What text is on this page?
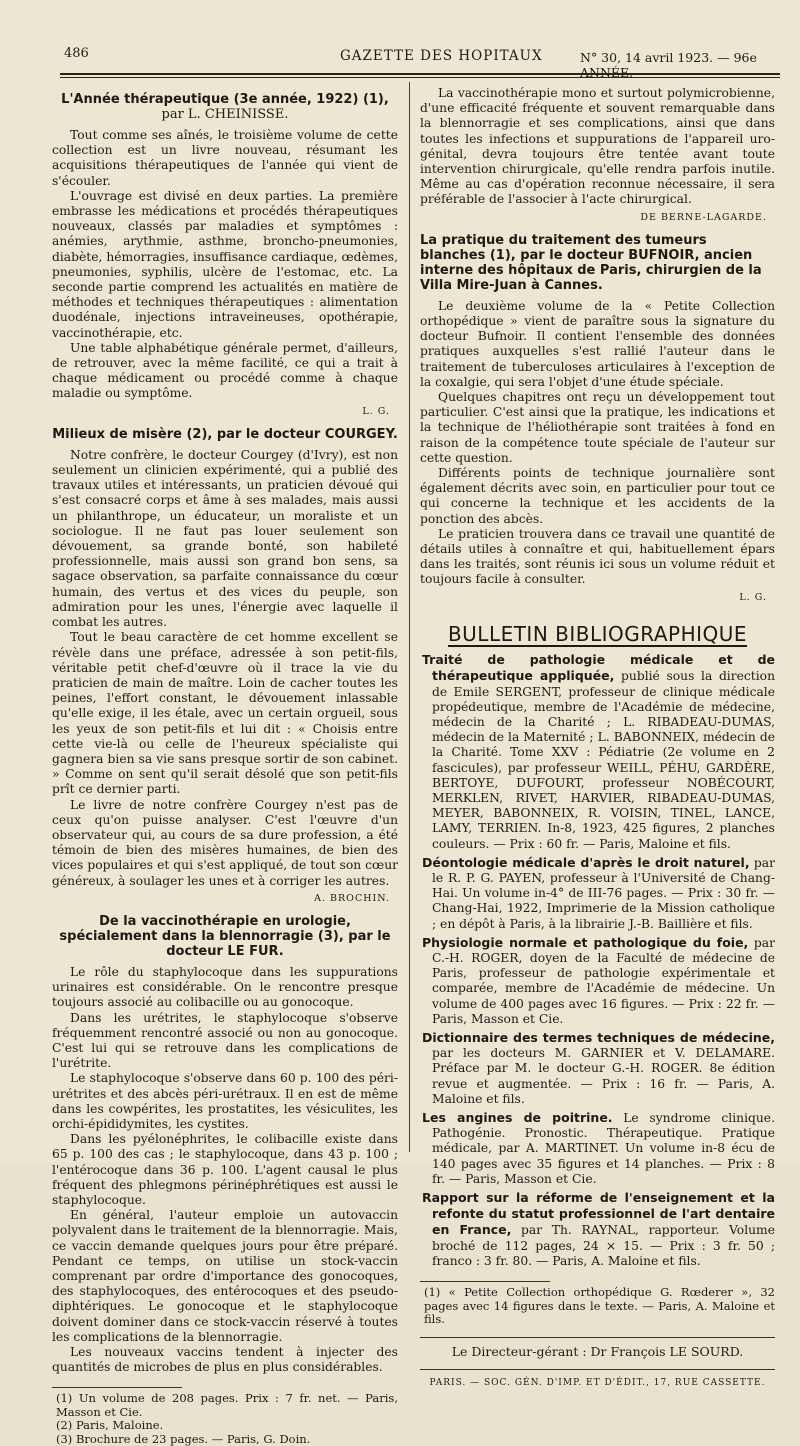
486	GAZETTE DES HOPITAUX	N° 30, 14 avril 1923. — 96e ANNÉE.
L'Année thérapeutique (3e année, 1922) (1),
par L. CHEINISSE.

Tout comme ses aînés, le troisième volume de cette collection est un livre nouveau, résumant les acquisitions thérapeutiques de l'année qui vient de s'écouler.

L'ouvrage est divisé en deux parties. La première embrasse les médications et procédés thérapeutiques nouveaux, classés par maladies et symptômes : anémies, arythmie, asthme, broncho-pneumonies, diabète, hémorragies, insuffisance cardiaque, œdèmes, pneumonies, syphilis, ulcère de l'estomac, etc. La seconde partie comprend les actualités en matière de méthodes et techniques thérapeutiques : alimentation duodénale, injections intraveineuses, opothérapie, vaccinothérapie, etc.

Une table alphabétique générale permet, d'ailleurs, de retrouver, avec la même facilité, ce qui a trait à chaque médicament ou procédé comme à chaque maladie ou symptôme.

L. G.
Milieux de misère (2), par le docteur COURGEY.

Notre confrère, le docteur Courgey (d'Ivry), est non seulement un clinicien expérimenté, qui a publié des travaux utiles et intéressants, un praticien dévoué qui s'est consacré corps et âme à ses malades, mais aussi un philanthrope, un éducateur, un moraliste et un sociologue. Il ne faut pas louer seulement son dévouement, sa grande bonté, son habileté professionnelle, mais aussi son grand bon sens, sa sagace observation, sa parfaite connaissance du cœur humain, des vertus et des vices du peuple, son admiration pour les unes, l'énergie avec laquelle il combat les autres.

Tout le beau caractère de cet homme excellent se révèle dans une préface, adressée à son petit-fils, véritable petit chef-d'œuvre où il trace la vie du praticien de main de maître. Loin de cacher toutes les peines, l'effort constant, le dévouement inlassable qu'elle exige, il les étale, avec un certain orgueil, sous les yeux de son petit-fils et lui dit : « Choisis entre cette vie-là ou celle de l'heureux spécialiste qui gagnera bien sa vie sans presque sortir de son cabinet. » Comme on sent qu'il serait désolé que son petit-fils prît ce dernier parti.

Le livre de notre confrère Courgey n'est pas de ceux qu'on puisse analyser. C'est l'œuvre d'un observateur qui, au cours de sa dure profession, a été témoin de bien des misères humaines, de bien des vices populaires et qui s'est appliqué, de tout son cœur généreux, à soulager les unes et à corriger les autres.

A. BROCHIN.
De la vaccinothérapie en urologie, spécialement dans la blennorragie (3), par le docteur LE FUR.

Le rôle du staphylocoque dans les suppurations urinaires est considérable. On le rencontre presque toujours associé au colibacille ou au gonocoque.

Dans les urétrites, le staphylocoque s'observe fréquemment rencontré associé ou non au gonocoque. C'est lui qui se retrouve dans les complications de l'urétrite.

Le staphylocoque s'observe dans 60 p. 100 des péri-urétrites et des abcès péri-urétraux. Il en est de même dans les cowpérites, les prostatites, les vésiculites, les orchi-épididymites, les cystites.

Dans les pyélonéphrites, le colibacille existe dans 65 p. 100 des cas ; le staphylocoque, dans 43 p. 100 ; l'entérocoque dans 36 p. 100. L'agent causal le plus fréquent des phlegmons périnéphrétiques est aussi le staphylocoque.

En général, l'auteur emploie un autovaccin polyvalent dans le traitement de la blennorragie. Mais, ce vaccin demande quelques jours pour être préparé. Pendant ce temps, on utilise un stock-vaccin comprenant par ordre d'importance des gonocoques, des staphylocoques, des entérocoques et des pseudo-diphtériques. Le gonocoque et le staphylocoque doivent dominer dans ce stock-vaccin réservé à toutes les complications de la blennorragie.

Les nouveaux vaccins tendent à injecter des quantités de microbes de plus en plus considérables.

(1) Un volume de 208 pages. Prix : 7 fr. net. — Paris, Masson et Cie.

(2) Paris, Maloine.

(3) Brochure de 23 pages. — Paris, G. Doin.

La vaccinothérapie mono et surtout polymicrobienne, d'une efficacité fréquente et souvent remarquable dans la blennorragie et ses complications, ainsi que dans toutes les infections et suppurations de l'appareil uro-génital, devra toujours être tentée avant toute intervention chirurgicale, qu'elle rendra parfois inutile. Même au cas d'opération reconnue nécessaire, il sera préférable de l'associer à l'acte chirurgical.

DE BERNE-LAGARDE.
La pratique du traitement des tumeurs blanches (1), par le docteur BUFNOIR, ancien interne des hôpitaux de Paris, chirurgien de la Villa Mire-Juan à Cannes.

Le deuxième volume de la « Petite Collection orthopédique » vient de paraître sous la signature du docteur Bufnoir. Il contient l'ensemble des données pratiques auxquelles s'est rallié l'auteur dans le traitement de tuberculoses articulaires à l'exception de la coxalgie, qui sera l'objet d'une étude spéciale.

Quelques chapitres ont reçu un développement tout particulier. C'est ainsi que la pratique, les indications et la technique de l'héliothérapie sont traitées à fond en raison de la compétence toute spéciale de l'auteur sur cette question.

Différents points de technique journalière sont également décrits avec soin, en particulier pour tout ce qui concerne la technique et les accidents de la ponction des abcès.

Le praticien trouvera dans ce travail une quantité de détails utiles à connaître et qui, habituellement épars dans les traités, sont réunis ici sous un volume réduit et toujours facile à consulter.

L. G.
BULLETIN BIBLIOGRAPHIQUE

Traité de pathologie médicale et de thérapeutique appliquée, publié sous la direction de Emile SERGENT, professeur de clinique médicale propédeutique, membre de l'Académie de médecine, médecin de la Charité ; L. RIBADEAU-DUMAS, médecin de la Maternité ; L. BABONNEIX, médecin de la Charité. Tome XXV : Pédiatrie (2e volume en 2 fascicules), par professeur WEILL, PÉHU, GARDÈRE, BERTOYE, DUFOURT, professeur NOBÉCOURT, MERKLEN, RIVET, HARVIER, RIBADEAU-DUMAS, MEYER, BABONNEIX, R. VOISIN, TINEL, LANCE, LAMY, TERRIEN. In-8, 1923, 425 figures, 2 planches couleurs. — Prix : 60 fr. — Paris, Maloine et fils.

Déontologie médicale d'après le droit naturel, par le R. P. G. PAYEN, professeur à l'Université de Chang-Hai. Un volume in-4° de III-76 pages. — Prix : 30 fr. — Chang-Hai, 1922, Imprimerie de la Mission catholique ; en dépôt à Paris, à la librairie J.-B. Baillière et fils.

Physiologie normale et pathologique du foie, par C.-H. ROGER, doyen de la Faculté de médecine de Paris, professeur de pathologie expérimentale et comparée, membre de l'Académie de médecine. Un volume de 400 pages avec 16 figures. — Prix : 22 fr. — Paris, Masson et Cie.

Dictionnaire des termes techniques de médecine, par les docteurs M. GARNIER et V. DELAMARE. Préface par M. le docteur G.-H. ROGER. 8e édition revue et augmentée. — Prix : 16 fr. — Paris, A. Maloine et fils.

Les angines de poitrine. Le syndrome clinique. Pathogénie. Pronostic. Thérapeutique. Pratique médicale, par A. MARTINET. Un volume in-8 écu de 140 pages avec 35 figures et 14 planches. — Prix : 8 fr. — Paris, Masson et Cie.

Rapport sur la réforme de l'enseignement et la refonte du statut professionnel de l'art dentaire en France, par Th. RAYNAL, rapporteur. Volume broché de 112 pages, 24 × 15. — Prix : 3 fr. 50 ; franco : 3 fr. 80. — Paris, A. Maloine et fils.

(1) « Petite Collection orthopédique G. Rœderer », 32 pages avec 14 figures dans le texte. — Paris, A. Maloine et fils.

Le Directeur-gérant : Dr François LE SOURD.

PARIS. — SOC. GÉN. D'IMP. ET D'ÉDIT., 17, RUE CASSETTE.
